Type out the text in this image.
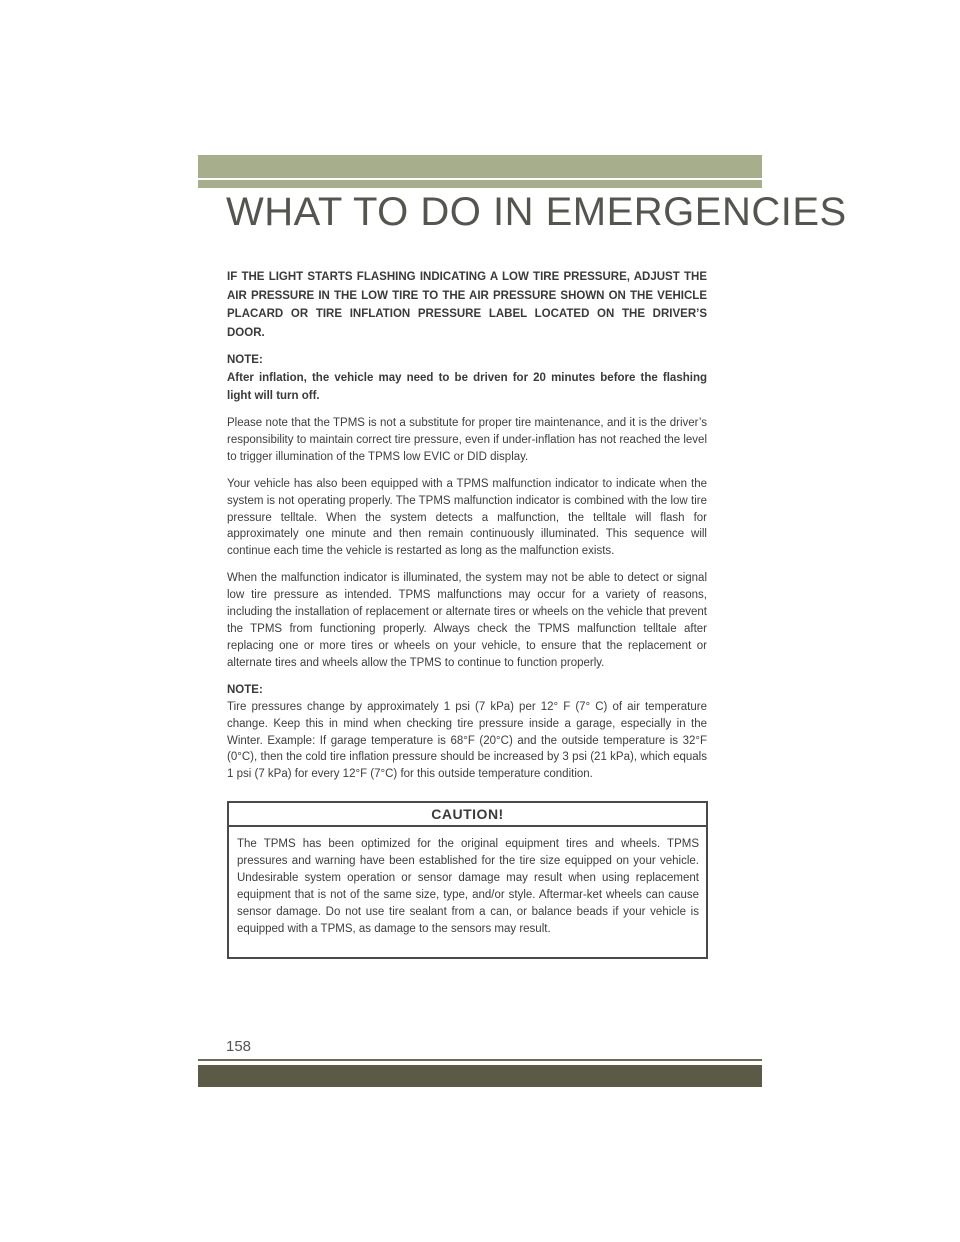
WHAT TO DO IN EMERGENCIES

IF THE LIGHT STARTS FLASHING INDICATING A LOW TIRE PRESSURE, ADJUST THE AIR PRESSURE IN THE LOW TIRE TO THE AIR PRESSURE SHOWN ON THE VEHICLE PLACARD OR TIRE INFLATION PRESSURE LABEL LOCATED ON THE DRIVER’S DOOR.

NOTE:

After inflation, the vehicle may need to be driven for 20 minutes before the flashing light will turn off.

Please note that the TPMS is not a substitute for proper tire maintenance, and it is the driver’s responsibility to maintain correct tire pressure, even if under-inflation has not reached the level to trigger illumination of the TPMS low EVIC or DID display.

Your vehicle has also been equipped with a TPMS malfunction indicator to indicate when the system is not operating properly. The TPMS malfunction indicator is combined with the low tire pressure telltale. When the system detects a malfunction, the telltale will flash for approximately one minute and then remain continuously illuminated. This sequence will continue each time the vehicle is restarted as long as the malfunction exists.

When the malfunction indicator is illuminated, the system may not be able to detect or signal low tire pressure as intended. TPMS malfunctions may occur for a variety of reasons, including the installation of replacement or alternate tires or wheels on the vehicle that prevent the TPMS from functioning properly. Always check the TPMS malfunction telltale after replacing one or more tires or wheels on your vehicle, to ensure that the replacement or alternate tires and wheels allow the TPMS to continue to function properly.

NOTE:

Tire pressures change by approximately 1 psi (7 kPa) per 12° F (7° C) of air temperature change. Keep this in mind when checking tire pressure inside a garage, especially in the Winter. Example: If garage temperature is 68°F (20°C) and the outside temperature is 32°F (0°C), then the cold tire inflation pressure should be increased by 3 psi (21 kPa), which equals 1 psi (7 kPa) for every 12°F (7°C) for this outside temperature condition.

CAUTION!

The TPMS has been optimized for the original equipment tires and wheels. TPMS pressures and warning have been established for the tire size equipped on your vehicle. Undesirable system operation or sensor damage may result when using replacement equipment that is not of the same size, type, and/or style. Aftermar-ket wheels can cause sensor damage. Do not use tire sealant from a can, or balance beads if your vehicle is equipped with a TPMS, as damage to the sensors may result.

158
